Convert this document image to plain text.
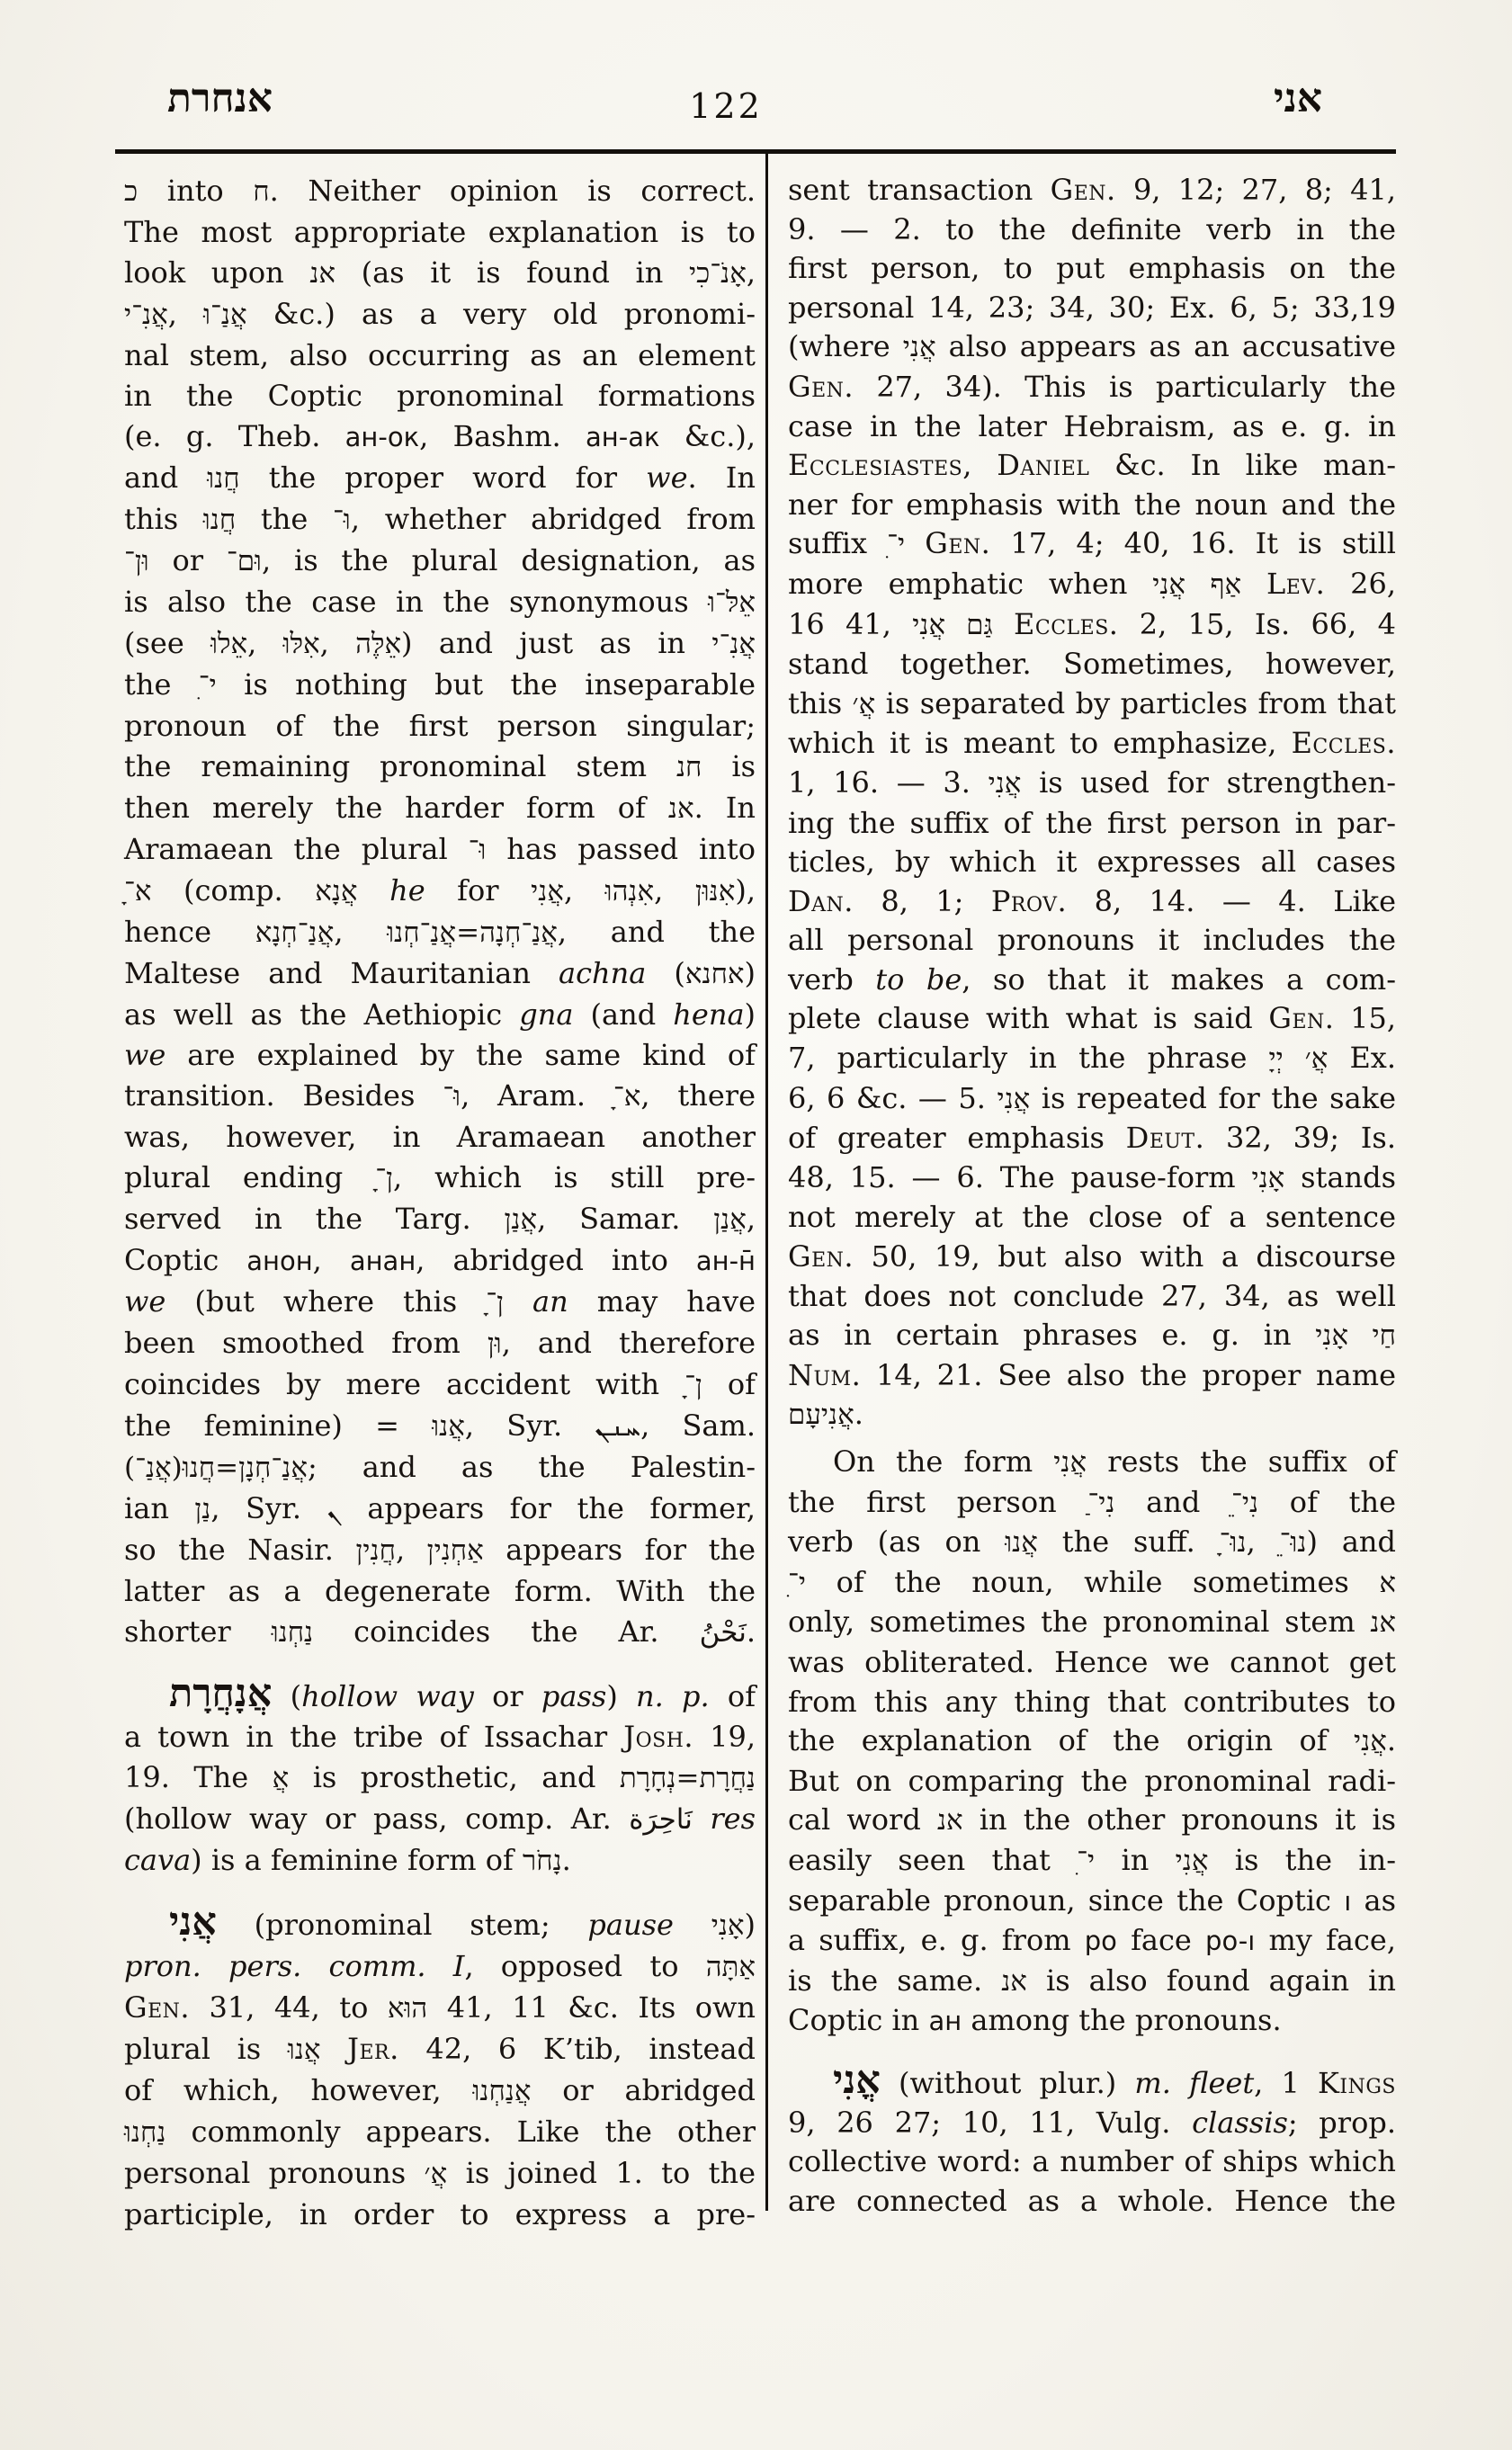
אנחרת	122	אני
כ into ח. Neither opinion is correct.
The most appropriate explanation is to
look upon אנ (as it is found in אָנֹ־כִי,
אֲנִ־י, אֲנַ־וּ &c.) as a very old pronomi-
nal stem, also occurring as an element
in the Coptic pronominal formations
(e. g. Theb. ан-ок, Bashm. ан-ак &c.),
and חֲנוּ the proper word for we. In
this חֲנוּ the וּ־, whether abridged from
וּן־ or וּם־, is the plural designation, as
is also the case in the synonymous אֵלּ־וּ
(see אֵלוּ, אִלּוּ, אֵלֶּה) and just as in אֲנִ־י
the י־ִ is nothing but the inseparable
pronoun of the first person singular;
the remaining pronominal stem חנ is
then merely the harder form of אנ. In
Aramaean the plural וּ־ has passed into
א־ָ (comp. אֲנָא he for אֲנִי, אִנְהוּ, אִנּוּן),
hence אֲנַ־חְנָא, אֲנַ־חְנָה=אֲנַ־חְנוּ, and the
Maltese and Mauritanian achna (אחנא)
as well as the Aethiopic gna (and hena)
we are explained by the same kind of
transition. Besides וּ־, Aram. א־ָ, there
was, however, in Aramaean another
plural ending ן־ָ, which is still pre-
served in the Targ. אֲנַן, Samar. אֲנַן,
Coptic анон, анан, abridged into ан-н̄
we (but where this ן־ָ an may have
been smoothed from וּן, and therefore
coincides by mere accident with ן־ָ of
the feminine) = אֲנוּ, Syr. ܚܢܢ, Sam.
אֲנַ־חְנָן=חֲנוּ(אֲנַ־); and as the Palestin-
ian נַן, Syr. ܢ appears for the former,
so the Nasir. חֲנִין, אַחְנִין appears for the
latter as a degenerate form. With the
shorter נַחְנוּ coincides the Ar. نَحْنُ.
אֲנָחֲרָת (hollow way or pass) n. p. of
a town in the tribe of Issachar Josh. 19,
19. The אֲ is prosthetic, and נַחֲרָת=נְחָרָת
(hollow way or pass, comp. Ar. نَاحِرَة res
cava) is a feminine form of נָחֹר.
אֲנִי (pronominal stem; pause אָנִי)
pron. pers. comm. I, opposed to אַתָּה
Gen. 31, 44, to הוּא 41, 11 &c. Its own
plural is אֲנוּ Jer. 42, 6 K’tib, instead
of which, however, אֲנַחְנוּ or abridged
נַחְנוּ commonly appears. Like the other
personal pronouns אֲ׳ is joined 1. to the
participle, in order to express a pre-
sent transaction Gen. 9, 12; 27, 8; 41,
9. — 2. to the definite verb in the
first person, to put emphasis on the
personal 14, 23; 34, 30; Ex. 6, 5; 33,19
(where אֲנִי also appears as an accusative
Gen. 27, 34). This is particularly the
case in the later Hebraism, as e. g. in
Ecclesiastes, Daniel &c. In like man-
ner for emphasis with the noun and the
suffix י־ִ Gen. 17, 4; 40, 16. It is still
more emphatic when אַף אֲנִי Lev. 26,
16 41, גַּם אֲנִי Eccles. 2, 15, Is. 66, 4
stand together. Sometimes, however,
this אֲ׳ is separated by particles from that
which it is meant to emphasize, Eccles.
1, 16. — 3. אֲנִי is used for strengthen-
ing the suffix of the first person in par-
ticles, by which it expresses all cases
Dan. 8, 1; Prov. 8, 14. — 4. Like
all personal pronouns it includes the
verb to be, so that it makes a com-
plete clause with what is said Gen. 15,
7, particularly in the phrase אֲ׳ יְיָ Ex.
6, 6 &c. — 5. אֲנִי is repeated for the sake
of greater emphasis Deut. 32, 39; Is.
48, 15. — 6. The pause-form אָנִי stands
not merely at the close of a sentence
Gen. 50, 19, but also with a discourse
that does not conclude 27, 34, as well
as in certain phrases e. g. in חַי אָנִי
Num. 14, 21. See also the proper name
אֲנִיעָם.
On the form אֲנִי rests the suffix of
the first person נִי־ַ and נִי־ֵ of the
verb (as on אֲנוּ the suff. נוּ־ָ, נוּ־ֵ) and
י־ִ of the noun, while sometimes א
only, sometimes the pronominal stem אנ
was obliterated. Hence we cannot get
from this any thing that contributes to
the explanation of the origin of אֲנִי.
But on comparing the pronominal radi-
cal word אנ in the other pronouns it is
easily seen that י־ִ in אֲנִי is the in-
separable pronoun, since the Coptic ı as
a suffix, e. g. from po face po-ı my face,
is the same. אנ is also found again in
Coptic in ан among the pronouns.
אֳנִי (without plur.) m. fleet, 1 Kings
9, 26 27; 10, 11, Vulg. classis; prop.
collective word: a number of ships which
are connected as a whole. Hence the
